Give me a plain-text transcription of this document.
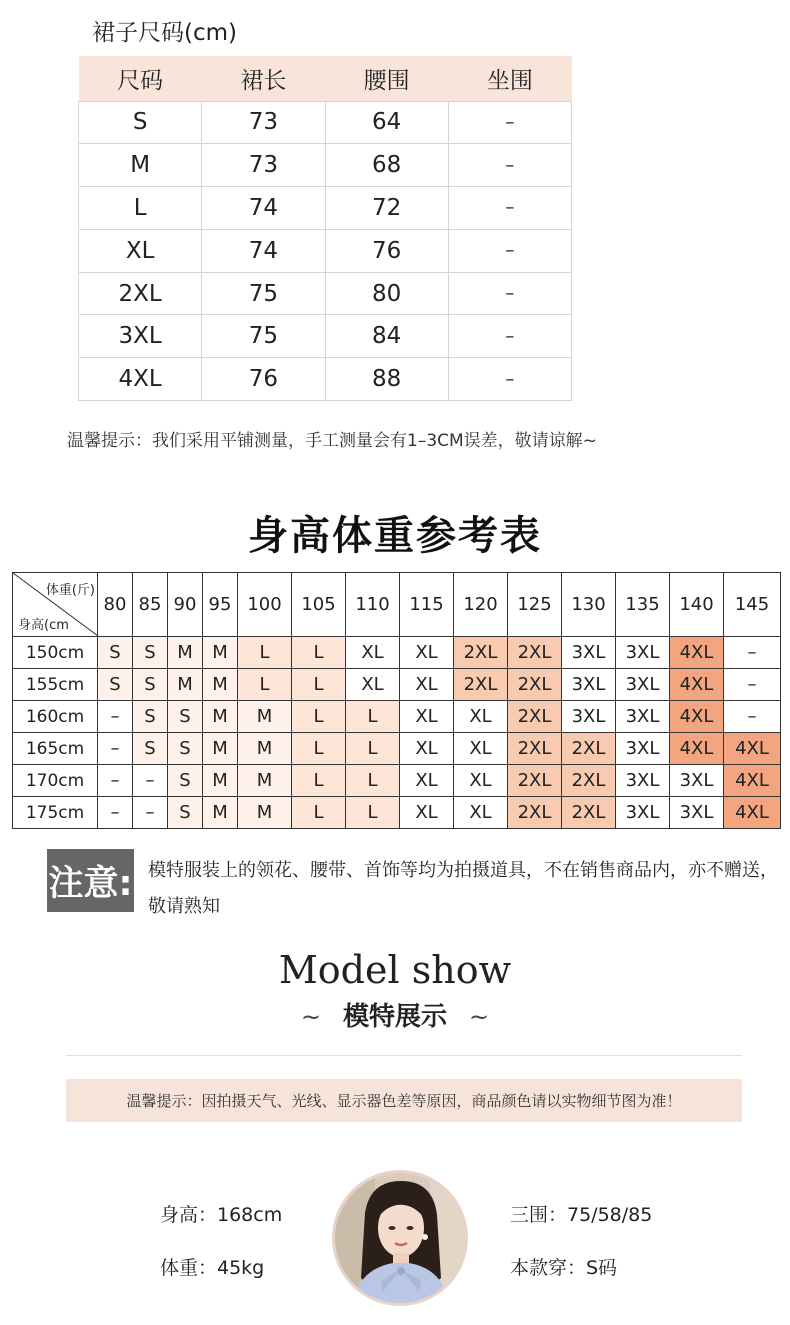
裙子尺码(cm)
尺码	裙长	腰围	坐围
S	73	64	–
M	73	68	–
L	74	72	–
XL	74	76	–
2XL	75	80	–
3XL	75	84	–
4XL	76	88	–
温馨提示：我们采用平铺测量，手工测量会有1–3CM误差，敬请谅解~
身高体重参考表
体重(斤)
身高(cm	80	85	90	95	100	105	110	115	120	125	130	135	140	145
150cm	S	S	M	M	L	L	XL	XL	2XL	2XL	3XL	3XL	4XL	–
155cm	S	S	M	M	L	L	XL	XL	2XL	2XL	3XL	3XL	4XL	–
160cm	–	S	S	M	M	L	L	XL	XL	2XL	3XL	3XL	4XL	–
165cm	–	S	S	M	M	L	L	XL	XL	2XL	2XL	3XL	4XL	4XL
170cm	–	–	S	M	M	L	L	XL	XL	2XL	2XL	3XL	3XL	4XL
175cm	–	–	S	M	M	L	L	XL	XL	2XL	2XL	3XL	3XL	4XL
注意: 模特服装上的领花、腰带、首饰等均为拍摄道具，不在销售商品内，亦不赠送，敬请熟知
Model show
~ 模特展示 ~
温馨提示：因拍摄天气、光线、显示器色差等原因，商品颜色请以实物细节图为准！
身高：168cm
体重：45kg
三围：75/58/85
本款穿：S码
